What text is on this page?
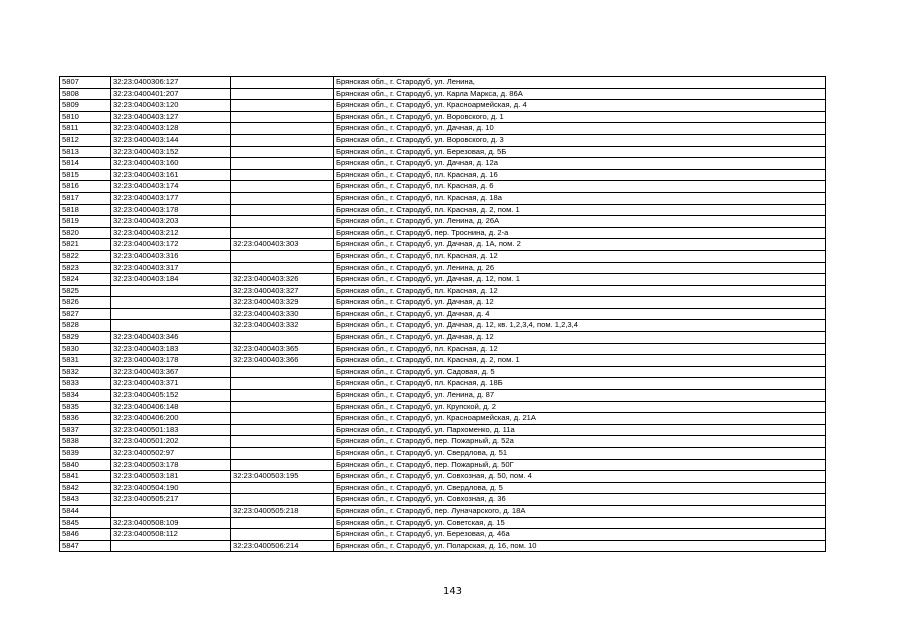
5807	32:23:0400306:127		Брянская обл., г. Стародуб, ул. Ленина,
5808	32:23:0400401:207		Брянская обл., г. Стародуб, ул. Карла Маркса, д. 86А
5809	32:23:0400403:120		Брянская обл., г. Стародуб, ул. Красноармейская, д. 4
5810	32:23:0400403:127		Брянская обл., г. Стародуб, ул. Воровского, д. 1
5811	32:23:0400403:128		Брянская обл., г. Стародуб, ул. Дачная, д. 10
5812	32:23:0400403:144		Брянская обл., г. Стародуб, ул. Воровского, д. 3
5813	32:23:0400403:152		Брянская обл., г. Стародуб, ул. Березовая, д. 5Б
5814	32:23:0400403:160		Брянская обл., г. Стародуб, ул. Дачная, д. 12а
5815	32:23:0400403:161		Брянская обл., г. Стародуб, пл. Красная, д. 16
5816	32:23:0400403:174		Брянская обл., г. Стародуб, пл. Красная, д. 6
5817	32:23:0400403:177		Брянская обл., г. Стародуб, пл. Красная, д. 18а
5818	32:23:0400403:178		Брянская обл., г. Стародуб, пл. Красная, д. 2, пом. 1
5819	32:23:0400403:203		Брянская обл., г. Стародуб, ул. Ленина, д. 26А
5820	32:23:0400403:212		Брянская обл., г. Стародуб, пер. Троснина, д. 2-а
5821	32:23:0400403:172	32:23:0400403:303	Брянская обл., г. Стародуб, ул. Дачная, д. 1А, пом. 2
5822	32:23:0400403:316		Брянская обл., г. Стародуб, пл. Красная, д. 12
5823	32:23:0400403:317		Брянская обл., г. Стародуб, ул. Ленина, д. 26
5824	32:23:0400403:184	32:23:0400403:326	Брянская обл., г. Стародуб, ул. Дачная, д. 12, пом. 1
5825		32:23:0400403:327	Брянская обл., г. Стародуб, пл. Красная, д. 12
5826		32:23:0400403:329	Брянская обл., г. Стародуб, ул. Дачная, д. 12
5827		32:23:0400403:330	Брянская обл., г. Стародуб, ул. Дачная, д. 4
5828		32:23:0400403:332	Брянская обл., г. Стародуб, ул. Дачная, д. 12, кв. 1,2,3,4, пом. 1,2,3,4
5829	32:23:0400403:346		Брянская обл., г. Стародуб, ул. Дачная, д. 12
5830	32:23:0400403:183	32:23:0400403:365	Брянская обл., г. Стародуб, пл. Красная, д. 12
5831	32:23:0400403:178	32:23:0400403:366	Брянская обл., г. Стародуб, пл. Красная, д. 2, пом. 1
5832	32:23:0400403:367		Брянская обл., г. Стародуб, ул. Садовая, д. 5
5833	32:23:0400403:371		Брянская обл., г. Стародуб, пл. Красная, д. 18Б
5834	32:23:0400405:152		Брянская обл., г. Стародуб, ул. Ленина, д. 87
5835	32:23:0400406:148		Брянская обл., г. Стародуб, ул. Крупской, д. 2
5836	32:23:0400406:200		Брянская обл., г. Стародуб, ул. Красноармейская, д. 21А
5837	32:23:0400501:183		Брянская обл., г. Стародуб, ул. Пархоменко, д. 11а
5838	32:23:0400501:202		Брянская обл., г. Стародуб, пер. Пожарный, д. 52а
5839	32:23:0400502:97		Брянская обл., г. Стародуб, ул. Свердлова, д. 51
5840	32:23:0400503:178		Брянская обл., г. Стародуб, пер. Пожарный, д. 50Г
5841	32:23:0400503:181	32:23:0400503:195	Брянская обл., г. Стародуб, ул. Совхозная, д. 50, пом. 4
5842	32:23:0400504:190		Брянская обл., г. Стародуб, ул. Свердлова, д. 5
5843	32:23:0400505:217		Брянская обл., г. Стародуб, ул. Совхозная, д. 36
5844		32:23:0400505:218	Брянская обл., г. Стародуб, пер. Луначарского, д. 18А
5845	32:23:0400508:109		Брянская обл., г. Стародуб, ул. Советская, д. 15
5846	32:23:0400508:112		Брянская обл., г. Стародуб, ул. Березовая, д. 46а
5847		32:23:0400506:214	Брянская обл., г. Стародуб, ул. Поларская, д. 16, пом. 10
143
